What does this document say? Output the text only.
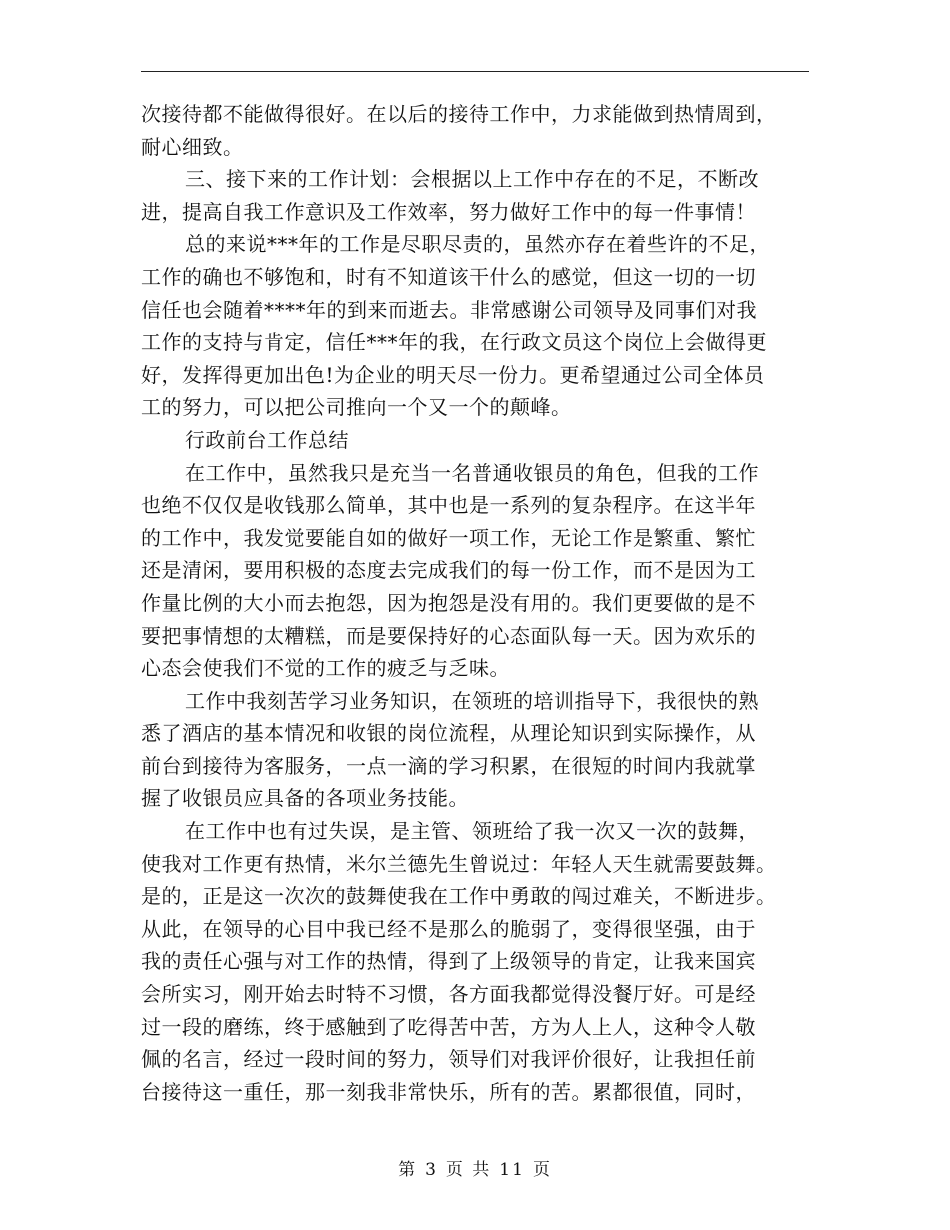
次接待都不能做得很好。在以后的接待工作中，力求能做到热情周到，
耐心细致。
三、接下来的工作计划：会根据以上工作中存在的不足，不断改
进，提高自我工作意识及工作效率，努力做好工作中的每一件事情！
总的来说***年的工作是尽职尽责的，虽然亦存在着些许的不足，
工作的确也不够饱和，时有不知道该干什么的感觉，但这一切的一切
信任也会随着****年的到来而逝去。非常感谢公司领导及同事们对我
工作的支持与肯定，信任***年的我，在行政文员这个岗位上会做得更
好，发挥得更加出色!为企业的明天尽一份力。更希望通过公司全体员
工的努力，可以把公司推向一个又一个的颠峰。
行政前台工作总结
在工作中，虽然我只是充当一名普通收银员的角色，但我的工作
也绝不仅仅是收钱那么简单，其中也是一系列的复杂程序。在这半年
的工作中，我发觉要能自如的做好一项工作，无论工作是繁重、繁忙
还是清闲，要用积极的态度去完成我们的每一份工作，而不是因为工
作量比例的大小而去抱怨，因为抱怨是没有用的。我们更要做的是不
要把事情想的太糟糕，而是要保持好的心态面队每一天。因为欢乐的
心态会使我们不觉的工作的疲乏与乏味。
工作中我刻苦学习业务知识，在领班的培训指导下，我很快的熟
悉了酒店的基本情况和收银的岗位流程，从理论知识到实际操作，从
前台到接待为客服务，一点一滴的学习积累，在很短的时间内我就掌
握了收银员应具备的各项业务技能。
在工作中也有过失误，是主管、领班给了我一次又一次的鼓舞，
使我对工作更有热情，米尔兰德先生曾说过：年轻人天生就需要鼓舞。
是的，正是这一次次的鼓舞使我在工作中勇敢的闯过难关，不断进步。
从此，在领导的心目中我已经不是那么的脆弱了，变得很坚强，由于
我的责任心强与对工作的热情，得到了上级领导的肯定，让我来国宾
会所实习，刚开始去时特不习惯，各方面我都觉得没餐厅好。可是经
过一段的磨练，终于感触到了吃得苦中苦，方为人上人，这种令人敬
佩的名言，经过一段时间的努力，领导们对我评价很好，让我担任前
台接待这一重任，那一刻我非常快乐，所有的苦。累都很值，同时，
第 3 页 共 11 页
